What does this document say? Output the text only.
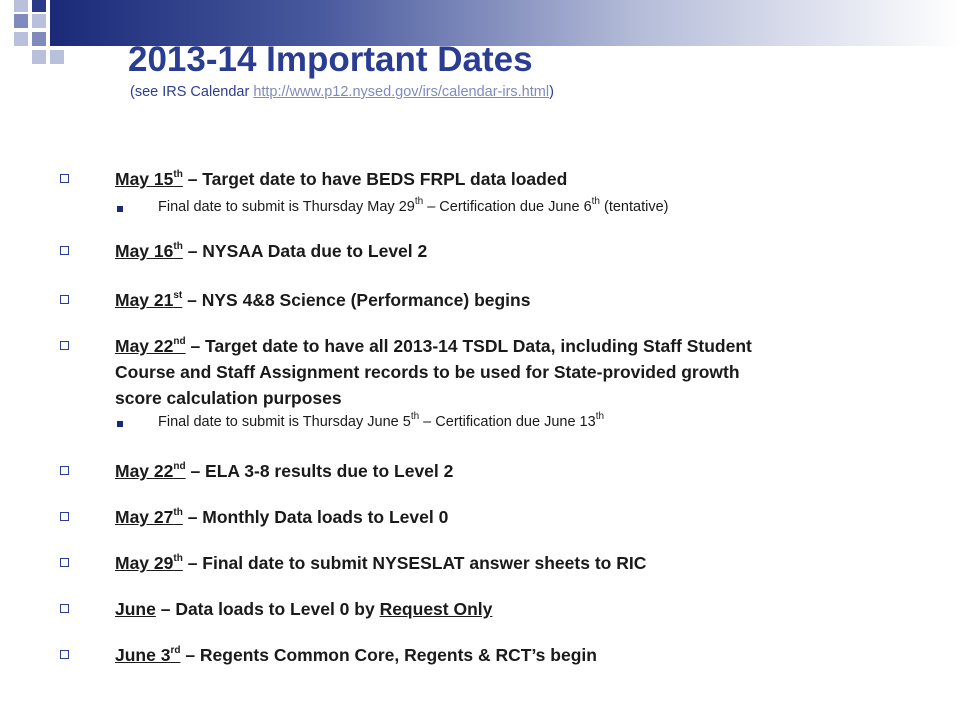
2013-14 Important Dates
(see IRS Calendar http://www.p12.nysed.gov/irs/calendar-irs.html)
May 15th – Target date to have BEDS FRPL data loaded
Final date to submit is Thursday May 29th – Certification due June 6th (tentative)
May 16th – NYSAA Data due to Level 2
May 21st – NYS 4&8 Science (Performance) begins
May 22nd – Target date to have all 2013-14 TSDL Data, including Staff Student
Course and Staff Assignment records to be used for State-provided growth
score calculation purposes
Final date to submit is Thursday June 5th – Certification due June 13th
May 22nd – ELA 3-8 results due to Level 2
May 27th – Monthly Data loads to Level 0
May 29th – Final date to submit NYSESLAT answer sheets to RIC
June – Data loads to Level 0 by Request Only
June 3rd – Regents Common Core, Regents & RCT’s begin
